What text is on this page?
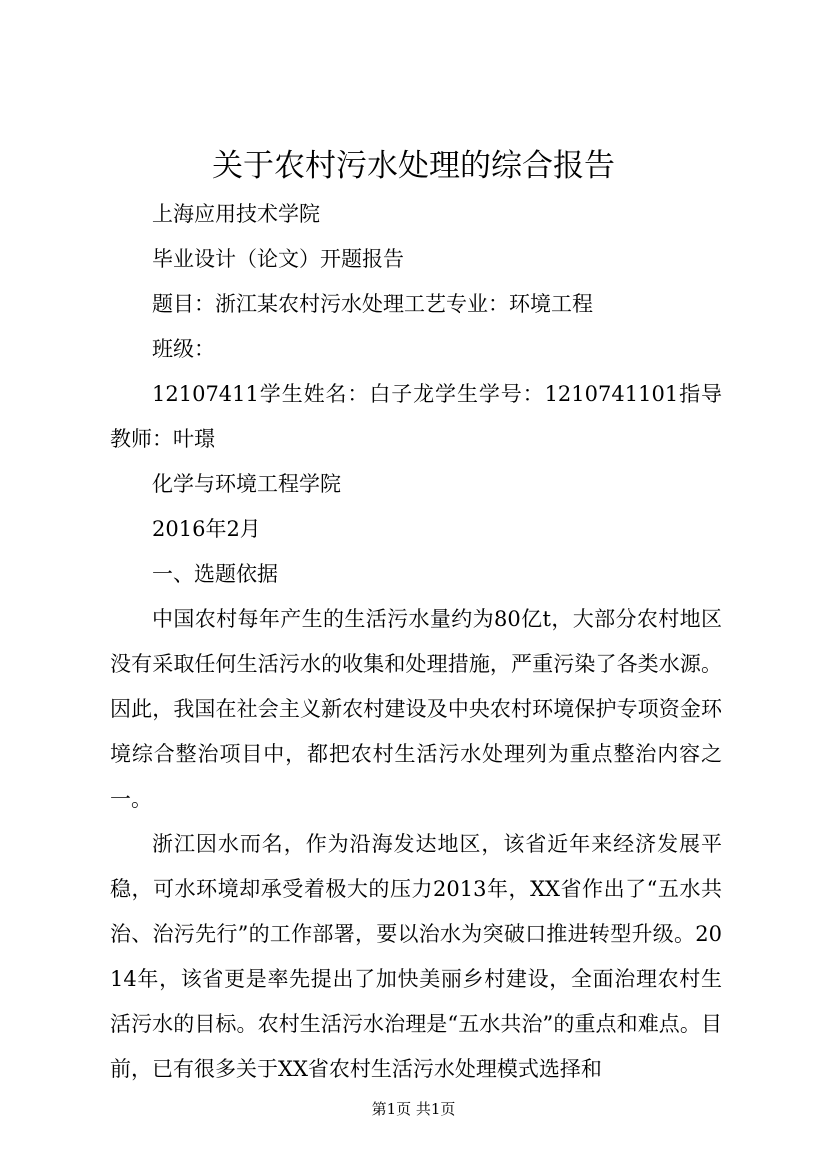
关于农村污水处理的综合报告

上海应用技术学院

毕业设计（论文）开题报告

题目：浙江某农村污水处理工艺专业：环境工程

班级：

12107411学生姓名：白子龙学生学号：1210741101指导教师：叶璟

化学与环境工程学院

2016年2月

一、选题依据

中国农村每年产生的生活污水量约为80亿t，大部分农村地区没有采取任何生活污水的收集和处理措施，严重污染了各类水源。因此，我国在社会主义新农村建设及中央农村环境保护专项资金环境综合整治项目中，都把农村生活污水处理列为重点整治内容之一。

浙江因水而名，作为沿海发达地区，该省近年来经济发展平稳，可水环境却承受着极大的压力2013年，XX省作出了“五水共治、治污先行”的工作部署，要以治水为突破口推进转型升级。2014年，该省更是率先提出了加快美丽乡村建设，全面治理农村生活污水的目标。农村生活污水治理是“五水共治”的重点和难点。目前，已有很多关于XX省农村生活污水处理模式选择和

第1页 共1页
